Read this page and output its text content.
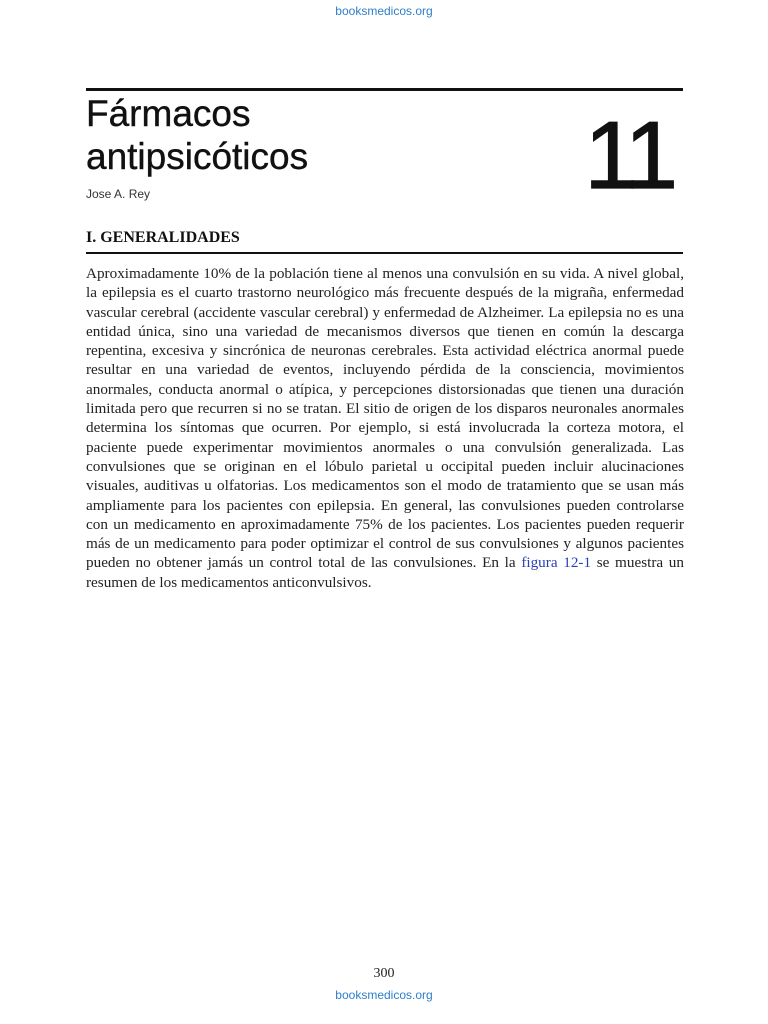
booksmedicos.org

Fármacos
antipsicóticos

Jose A. Rey	11

I. GENERALIDADES

Aproximadamente 10% de la población tiene al menos una convulsión en su vida. A nivel global, la epilepsia es el cuarto trastorno neurológico más frecuente después de la migraña, enfermedad vascular cerebral (accidente vascular cerebral) y enfermedad de Alzheimer. La epilepsia no es una entidad única, sino una variedad de mecanismos diversos que tienen en común la descarga repentina, excesiva y sincrónica de neuronas cerebrales. Esta actividad eléctrica anormal puede resultar en una variedad de eventos, incluyendo pérdida de la consciencia, movimientos anormales, conducta anormal o atípica, y percepciones distorsionadas que tienen una duración limitada pero que recurren si no se tratan. El sitio de origen de los disparos neuronales anormales determina los síntomas que ocurren. Por ejemplo, si está involucrada la corteza motora, el paciente puede experimentar movimientos anormales o una convulsión generalizada. Las convulsiones que se originan en el lóbulo parietal u occipital pueden incluir alucinaciones visuales, auditivas u olfatorias. Los medicamentos son el modo de tratamiento que se usan más ampliamente para los pacientes con epilepsia. En general, las convulsiones pueden controlarse con un medicamento en aproximadamente 75% de los pacientes. Los pacientes pueden requerir más de un medicamento para poder optimizar el control de sus convulsiones y algunos pacientes pueden no obtener jamás un control total de las convulsiones. En la figura 12-1 se muestra un resumen de los medicamentos anticonvulsivos.

300

booksmedicos.org
